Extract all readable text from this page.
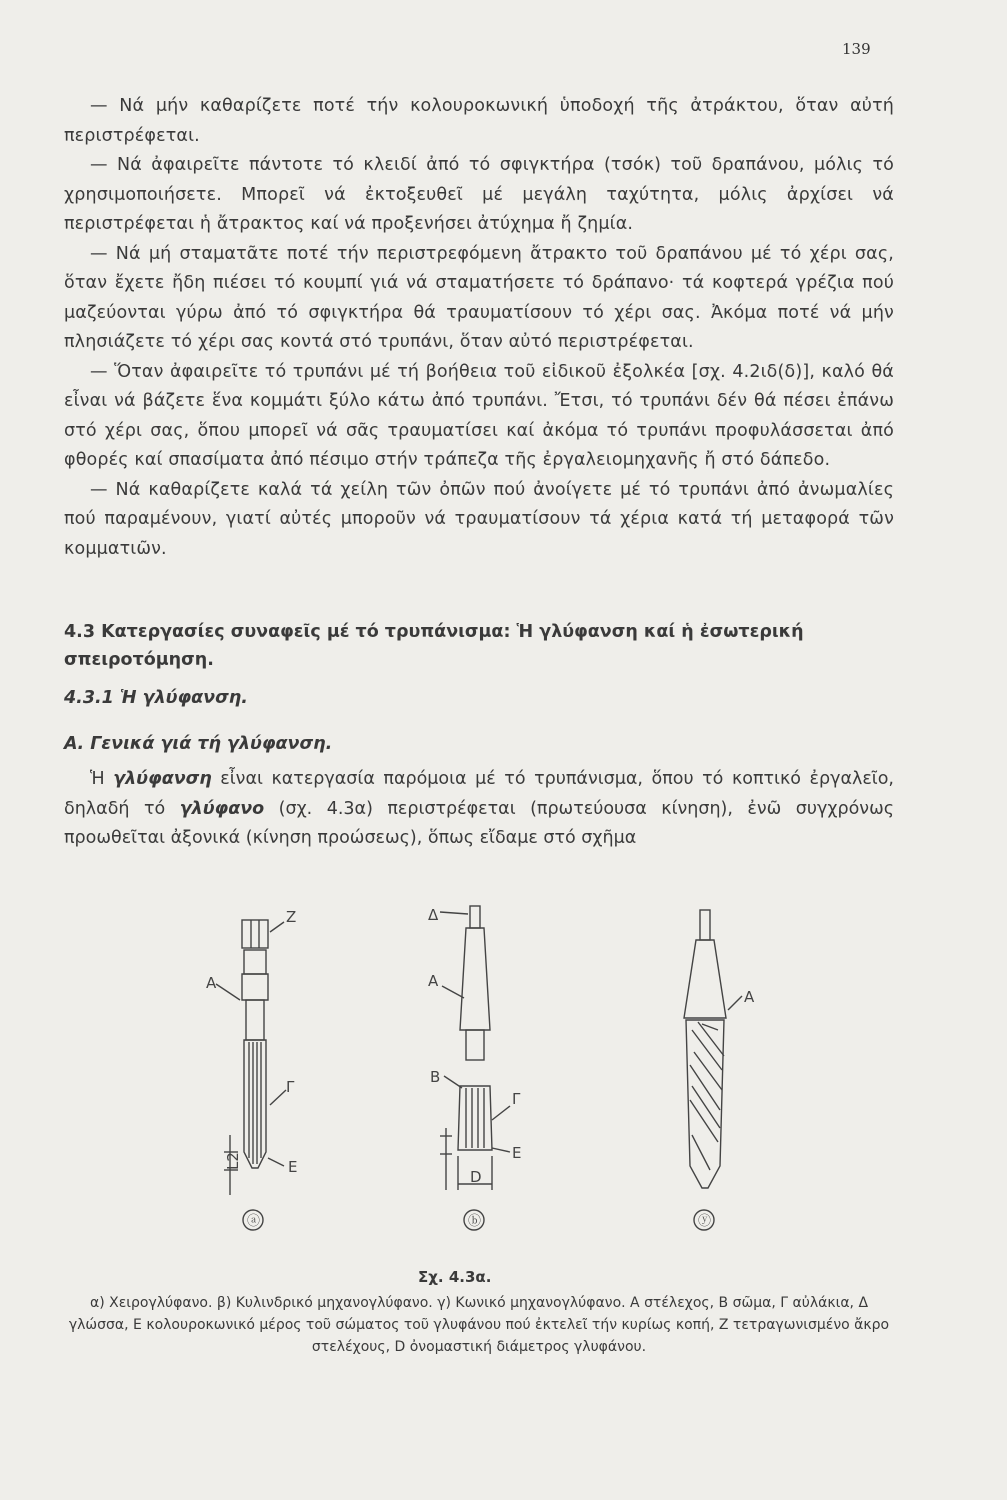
139

— Νά μήν καθαρίζετε ποτέ τήν κολουροκωνική ὑποδοχή τῆς ἀτράκτου, ὅταν αὐτή περιστρέφεται.

— Νά ἀφαιρεῖτε πάντοτε τό κλειδί ἀπό τό σφιγκτήρα (τσόκ) τοῦ δραπάνου, μόλις τό χρησιμοποιήσετε. Μπορεῖ νά ἐκτοξευθεῖ μέ μεγάλη ταχύτητα, μόλις ἀρχίσει νά περιστρέφεται ἡ ἄτρακτος καί νά προξενήσει ἀτύχημα ἤ ζημία.

— Νά μή σταματᾶτε ποτέ τήν περιστρεφόμενη ἄτρακτο τοῦ δραπάνου μέ τό χέρι σας, ὅταν ἔχετε ἤδη πιέσει τό κουμπί γιά νά σταματήσετε τό δράπανο· τά κοφτερά γρέζια πού μαζεύονται γύρω ἀπό τό σφιγκτήρα θά τραυματίσουν τό χέρι σας. Ἀκόμα ποτέ νά μήν πλησιάζετε τό χέρι σας κοντά στό τρυπάνι, ὅταν αὐτό περιστρέφεται.

— Ὅταν ἀφαιρεῖτε τό τρυπάνι μέ τή βοήθεια τοῦ εἰδικοῦ ἐξολκέα [σχ. 4.2ιδ(δ)], καλό θά εἶναι νά βάζετε ἕνα κομμάτι ξύλο κάτω ἀπό τρυπάνι. Ἔτσι, τό τρυπάνι δέν θά πέσει ἐπάνω στό χέρι σας, ὅπου μπορεῖ νά σᾶς τραυματίσει καί ἀκόμα τό τρυπάνι προφυλάσσεται ἀπό φθορές καί σπασίματα ἀπό πέσιμο στήν τράπεζα τῆς ἐργαλειομηχανῆς ἤ στό δάπεδο.

— Νά καθαρίζετε καλά τά χείλη τῶν ὀπῶν πού ἀνοίγετε μέ τό τρυπάνι ἀπό ἀνωμαλίες πού παραμένουν, γιατί αὐτές μποροῦν νά τραυματίσουν τά χέρια κατά τή μεταφορά τῶν κομματιῶν.

4.3 Κατεργασίες συναφεῖς μέ τό τρυπάνισμα: Ἡ γλύφανση καί ἡ ἐσωτερική σπειροτόμηση.
4.3.1 Ἡ γλύφανση.
Α. Γενικά γιά τή γλύφανση.

Ἡ γλύφανση εἶναι κατεργασία παρόμοια μέ τό τρυπάνισμα, ὅπου τό κοπτικό ἐργαλεῖο, δηλαδή τό γλύφανο (σχ. 4.3α) περιστρέφεται (πρωτεύουσα κίνηση), ἐνῶ συγχρόνως προωθεῖται ἀξονικά (κίνηση προώσεως), ὅπως εἴδαμε στό σχῆμα

Z
A
Γ
E
L2
Δ
A
B
Γ
E
D
A
ⓐ	ⓑ	ⓨ
Σχ. 4.3α.
α) Χειρογλύφανο. β) Κυλινδρικό μηχανογλύφανο. γ) Κωνικό μηχανογλύφανο. Α στέλεχος, Β σῶμα, Γ αὐλάκια, Δ γλώσσα, Ε κολουροκωνικό μέρος τοῦ σώματος τοῦ γλυφάνου πού ἐκτελεῖ τήν κυρίως κοπή, Ζ τετραγωνισμένο ἄκρο στελέχους, D ὀνομαστική διάμετρος γλυφάνου.
